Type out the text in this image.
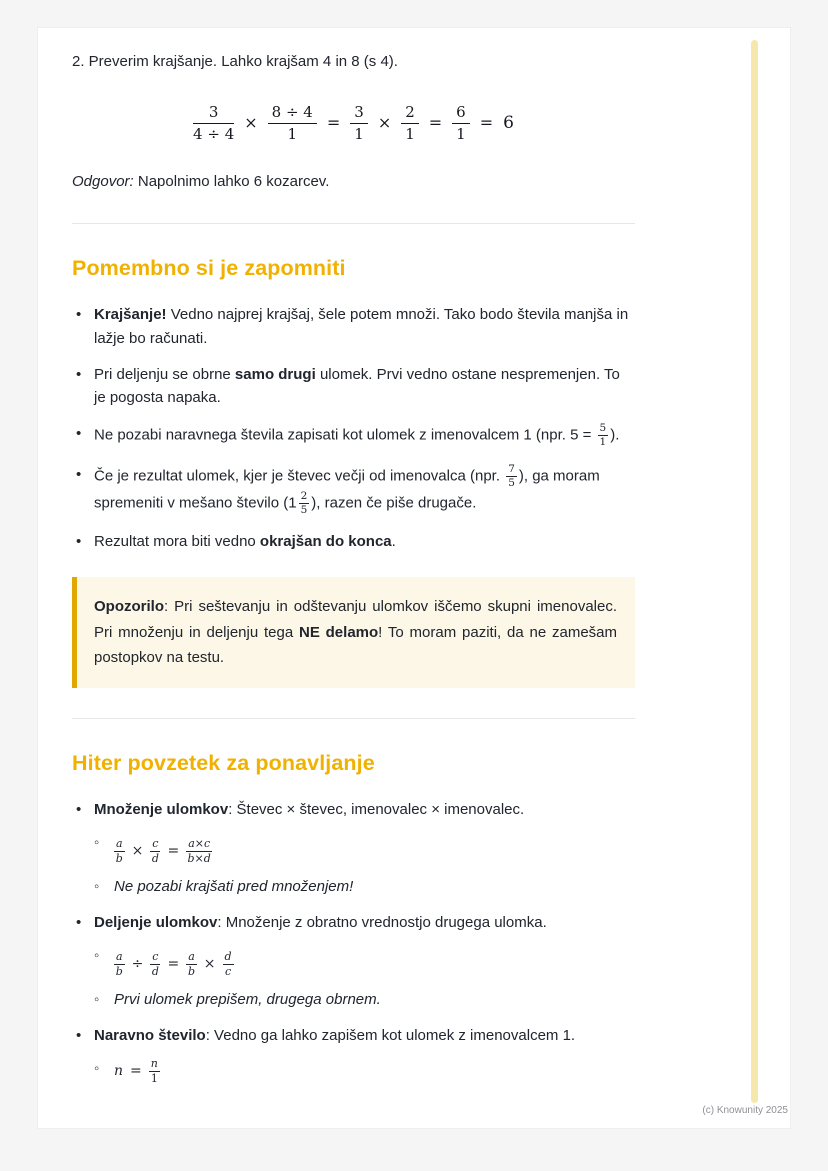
2. Preverim krajšanje. Lahko krajšam 4 in 8 (s 4).

$\frac{3}{4 \div 4} \times \frac{8 \div 4}{1} = \frac{3}{1} \times \frac{2}{1} = \frac{6}{1} = 6$

Odgovor: Napolnimo lahko 6 kozarcev.

Pomembno si je zapomniti
• Krajšanje! Vedno najprej krajšaj, šele potem množi. Tako bodo števila manjša in lažje bo računati.
• Pri deljenju se obrne samo drugi ulomek. Prvi vedno ostane nespremenjen. To je pogosta napaka.
• Ne pozabi naravnega števila zapisati kot ulomek z imenovalcem 1 (npr. $5 = \frac{5}{1}$ ).
• Če je rezultat ulomek, kjer je števec večji od imenovalca (npr. $\frac{7}{5}$ ), ga moram spremeniti v mešano število ($1 \frac{2}{5}$ ), razen če piše drugače.
• Rezultat mora biti vedno okrajšan do konca.

Opozorilo: Pri seštevanju in odštevanju ulomkov iščemo skupni imenovalec. Pri množenju in deljenju tega NE delamo! To moram paziti, da ne zamešam postopkov na testu.

Hiter povzetek za ponavljanje
• Množenje ulomkov: Števec × števec, imenovalec × imenovalec.
◦ $\frac{a}{b} \times \frac{c}{d} = \frac{a\times c}{b\times d}$
◦ Ne pozabi krajšati pred množenjem!
• Deljenje ulomkov: Množenje z obratno vrednostjo drugega ulomka.
◦ $\frac{a}{b} \div \frac{c}{d} = \frac{a}{b} \times \frac{d}{c}$
◦ Prvi ulomek prepišem, drugega obrnem.
• Naravno število: Vedno ga lahko zapišem kot ulomek z imenovalcem 1.
◦ $n = \frac{n}{1}$
(c) Knowunity 2025
